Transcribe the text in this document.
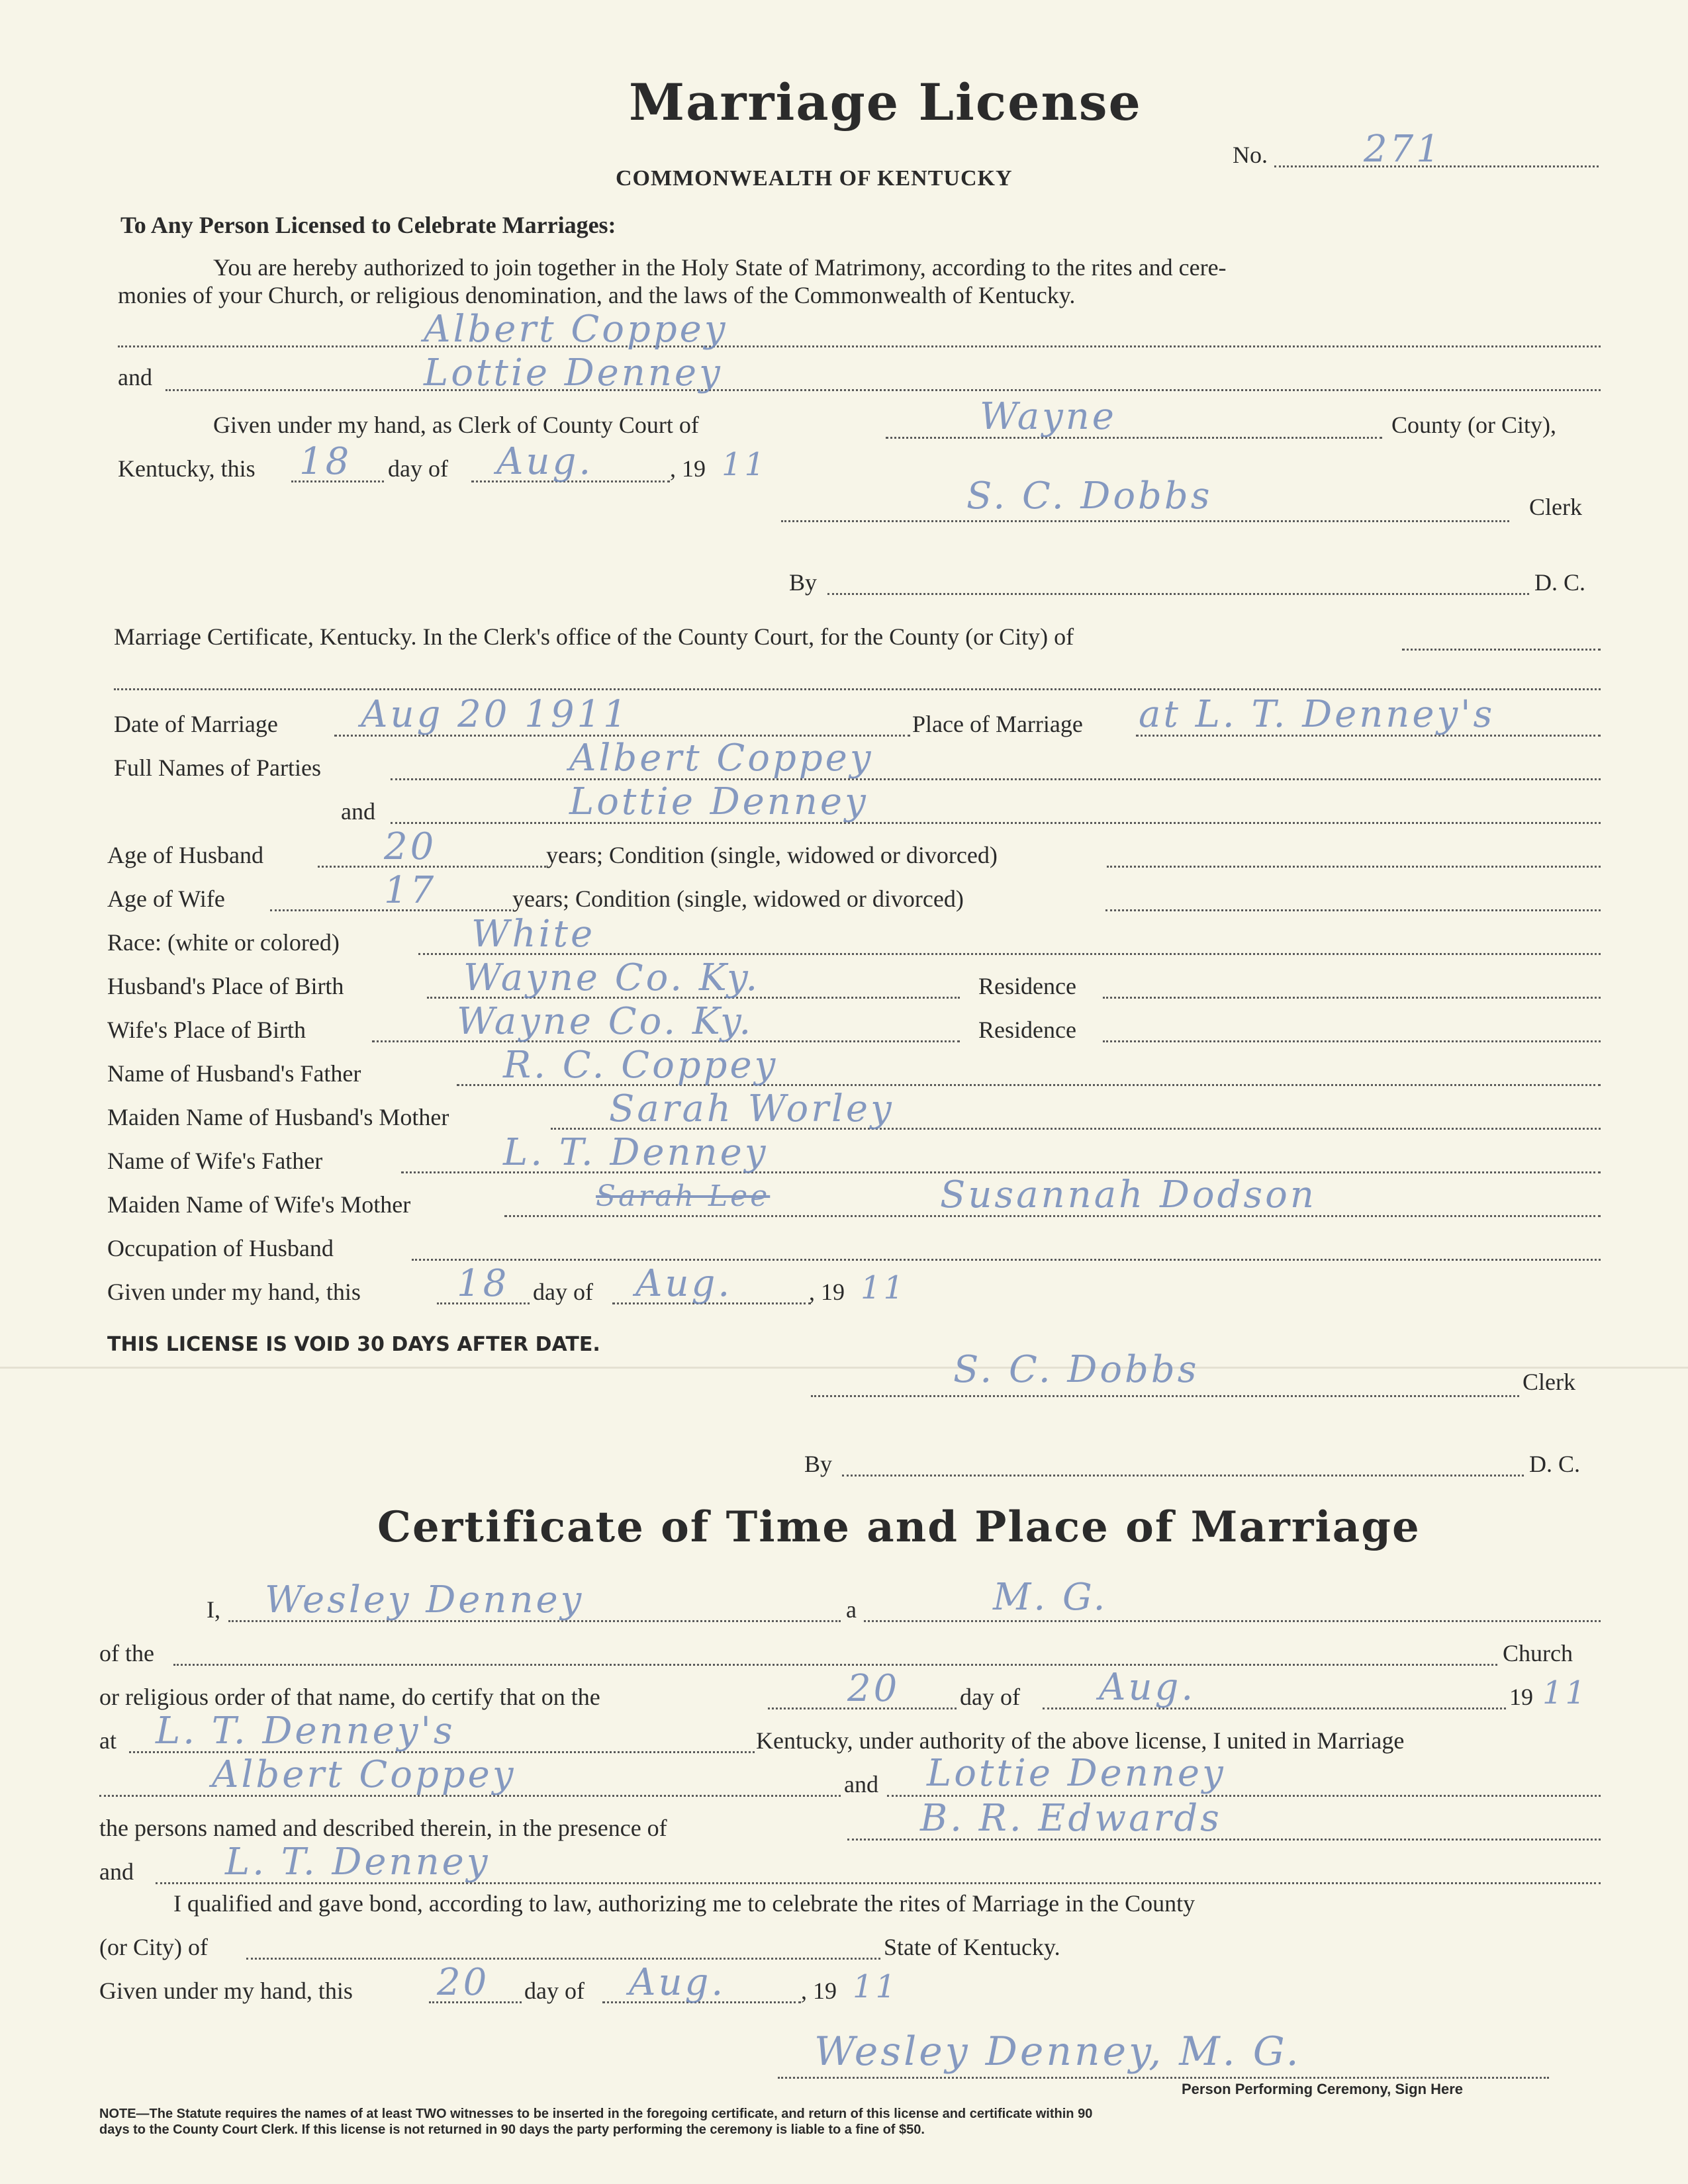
Marriage License
COMMONWEALTH OF KENTUCKY
No.	271
To Any Person Licensed to Celebrate Marriages:
You are hereby authorized to join together in the Holy State of Matrimony, according to the rites and cere-
monies of your Church, or religious denomination, and the laws of the Commonwealth of Kentucky.
Albert Coppey
and	Lottie Denney
Given under my hand, as Clerk of County Court of	Wayne	County (or City),
Kentucky, this 18 day of Aug.	, 19 11
S. C. Dobbs	Clerk
By	D. C.
Marriage Certificate, Kentucky. In the Clerk's office of the County Court, for the County (or City) of
Date of Marriage Aug 20 1911	Place of Marriage at L. T. Denney's
Full Names of Parties	Albert Coppey
and	Lottie Denney
Age of Husband	20	years; Condition (single, widowed or divorced)
Age of Wife	17	years; Condition (single, widowed or divorced)
Race: (white or colored)	White
Husband's Place of Birth	Wayne Co. Ky.	Residence
Wife's Place of Birth	Wayne Co. Ky.	Residence
Name of Husband's Father	R. C. Coppey
Maiden Name of Husband's Mother	Sarah Worley
Name of Wife's Father	L. T. Denney
Maiden Name of Wife's Mother	Sarah Lee	Susannah Dodson
Occupation of Husband
Given under my hand, this	18 day of Aug.	, 19 11
THIS LICENSE IS VOID 30 DAYS AFTER DATE.
S. C. Dobbs	Clerk
By	D. C.
Certificate of Time and Place of Marriage
I, Wesley Denney	a	M. G.
of the	Church
or religious order of that name, do certify that on the	20	day of Aug.	19 11
at L. T. Denney's	Kentucky, under authority of the above license, I united in Marriage
Albert Coppey	and Lottie Denney
the persons named and described therein, in the presence of	B. R. Edwards
and L. T. Denney
I qualified and gave bond, according to law, authorizing me to celebrate the rites of Marriage in the County
(or City) of	State of Kentucky.
Given under my hand, this 20 day of Aug.	, 19 11
Wesley Denney, M. G.
Person Performing Ceremony, Sign Here
NOTE—The Statute requires the names of at least TWO witnesses to be inserted in the foregoing certificate, and return of this license and certificate within 90
days to the County Court Clerk. If this license is not returned in 90 days the party performing the ceremony is liable to a fine of $50.
